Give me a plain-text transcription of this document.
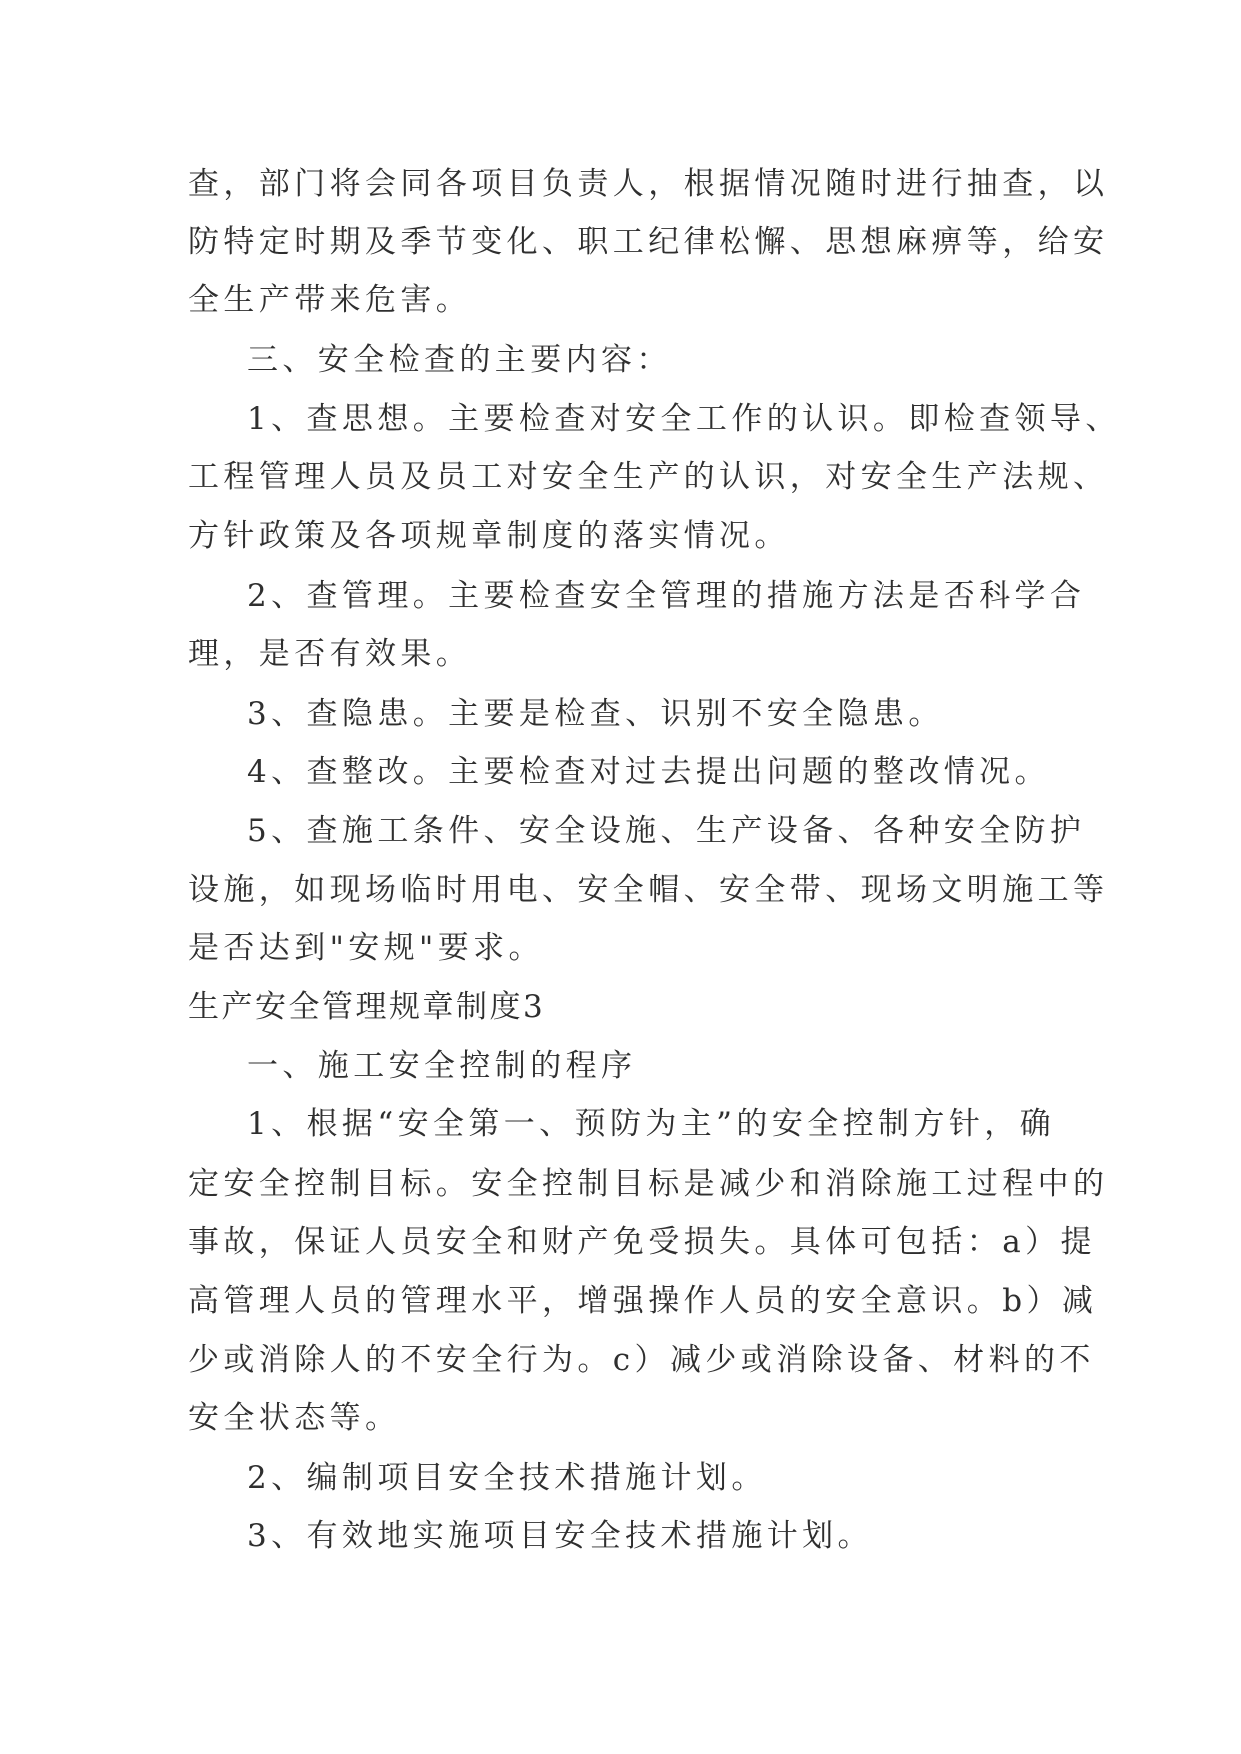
查，部门将会同各项目负责人，根据情况随时进行抽查，以

防特定时期及季节变化、职工纪律松懈、思想麻痹等，给安

全生产带来危害。

三、安全检查的主要内容：

1、查思想。主要检查对安全工作的认识。即检查领导、

工程管理人员及员工对安全生产的认识，对安全生产法规、

方针政策及各项规章制度的落实情况。

2、查管理。主要检查安全管理的措施方法是否科学合

理，是否有效果。

3、查隐患。主要是检查、识别不安全隐患。

4、查整改。主要检查对过去提出问题的整改情况。

5、查施工条件、安全设施、生产设备、各种安全防护

设施，如现场临时用电、安全帽、安全带、现场文明施工等

是否达到"安规"要求。

生产安全管理规章制度3

一、施工安全控制的程序

1、根据“安全第一、预防为主”的安全控制方针，确

定安全控制目标。安全控制目标是减少和消除施工过程中的

事故，保证人员安全和财产免受损失。具体可包括：a）提

高管理人员的管理水平，增强操作人员的安全意识。b）减

少或消除人的不安全行为。c）减少或消除设备、材料的不

安全状态等。

2、编制项目安全技术措施计划。

3、有效地实施项目安全技术措施计划。
